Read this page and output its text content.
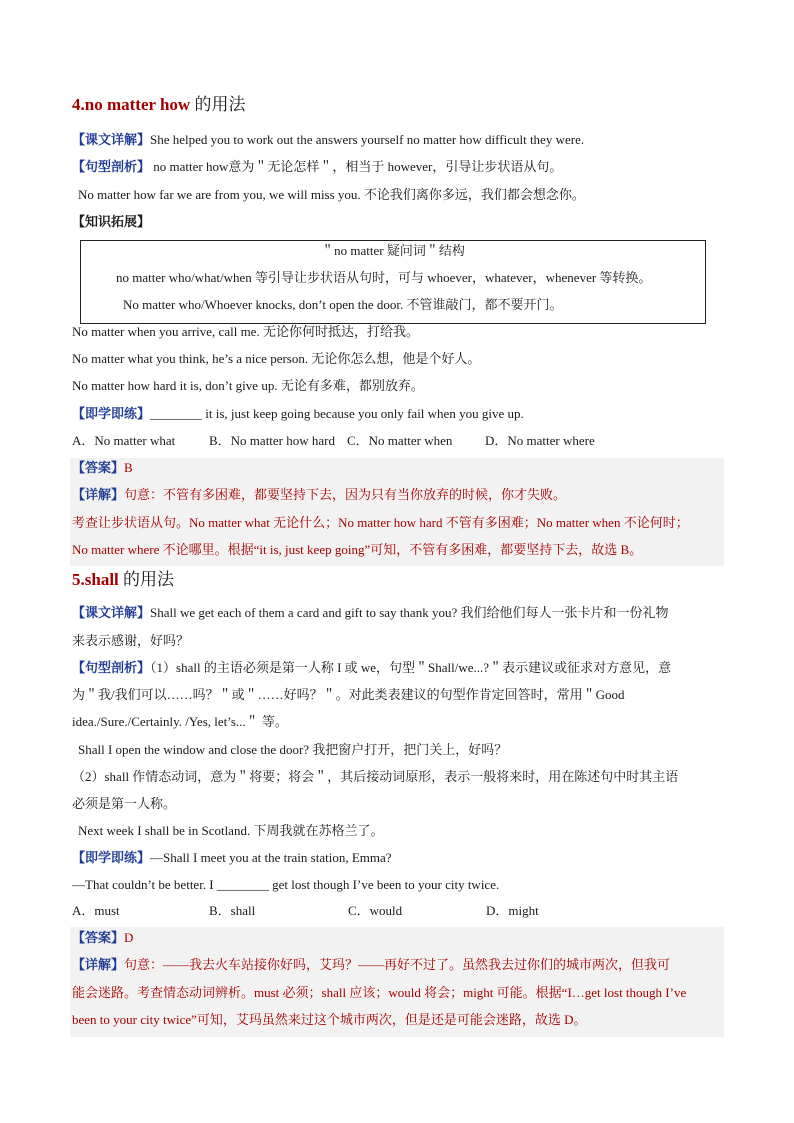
4.no matter how 的用法
【课文详解】She helped you to work out the answers yourself no matter how difficult they were.
【句型剖析】 no matter how意为＂无论怎样＂，相当于 however，引导让步状语从句。
No matter how far we are from you, we will miss you. 不论我们离你多远，我们都会想念你。
【知识拓展】
＂no matter 疑问词＂结构
no matter who/what/when 等引导让步状语从句时，可与 whoever，whatever，whenever 等转换。
No matter who/Whoever knocks, don’t open the door. 不管谁敲门，都不要开门。
No matter when you arrive, call me. 无论你何时抵达，打给我。
No matter what you think, he’s a nice person. 无论你怎么想，他是个好人。
No matter how hard it is, don’t give up. 无论有多难，都别放弃。
【即学即练】________ it is, just keep going because you only fail when you give up.
A．No matter what	B．No matter how hard C．No matter when	D．No matter where
【答案】B
【详解】句意：不管有多困难，都要坚持下去，因为只有当你放弃的时候，你才失败。
考查让步状语从句。No matter what 无论什么；No matter how hard 不管有多困难；No matter when 不论何时；
No matter where 不论哪里。根据“it is, just keep going”可知，不管有多困难，都要坚持下去，故选 B。
5.shall 的用法
【课文详解】Shall we get each of them a card and gift to say thank you? 我们给他们每人一张卡片和一份礼物
来表示感谢，好吗？
【句型剖析】（1）shall 的主语必须是第一人称 I 或 we，句型＂Shall/we...?＂表示建议或征求对方意见，意
为＂我/我们可以……吗？＂或＂……好吗？＂。对此类表建议的句型作肯定回答时，常用＂Good
idea./Sure./Certainly. /Yes, let’s...＂ 等。
Shall I open the window and close the door? 我把窗户打开，把门关上，好吗？
（2）shall 作情态动词，意为＂将要；将会＂，其后接动词原形，表示一般将来时，用在陈述句中时其主语
必须是第一人称。
Next week I shall be in Scotland. 下周我就在苏格兰了。
【即学即练】—Shall I meet you at the train station, Emma?
—That couldn’t be better. I ________ get lost though I’ve been to your city twice.
A．must	B．shall	C．would	D．might
【答案】D
【详解】句意：——我去火车站接你好吗，艾玛？——再好不过了。虽然我去过你们的城市两次，但我可
能会迷路。考查情态动词辨析。must 必须；shall 应该；would 将会；might 可能。根据“I…get lost though I’ve
been to your city twice”可知，艾玛虽然来过这个城市两次，但是还是可能会迷路，故选 D。
